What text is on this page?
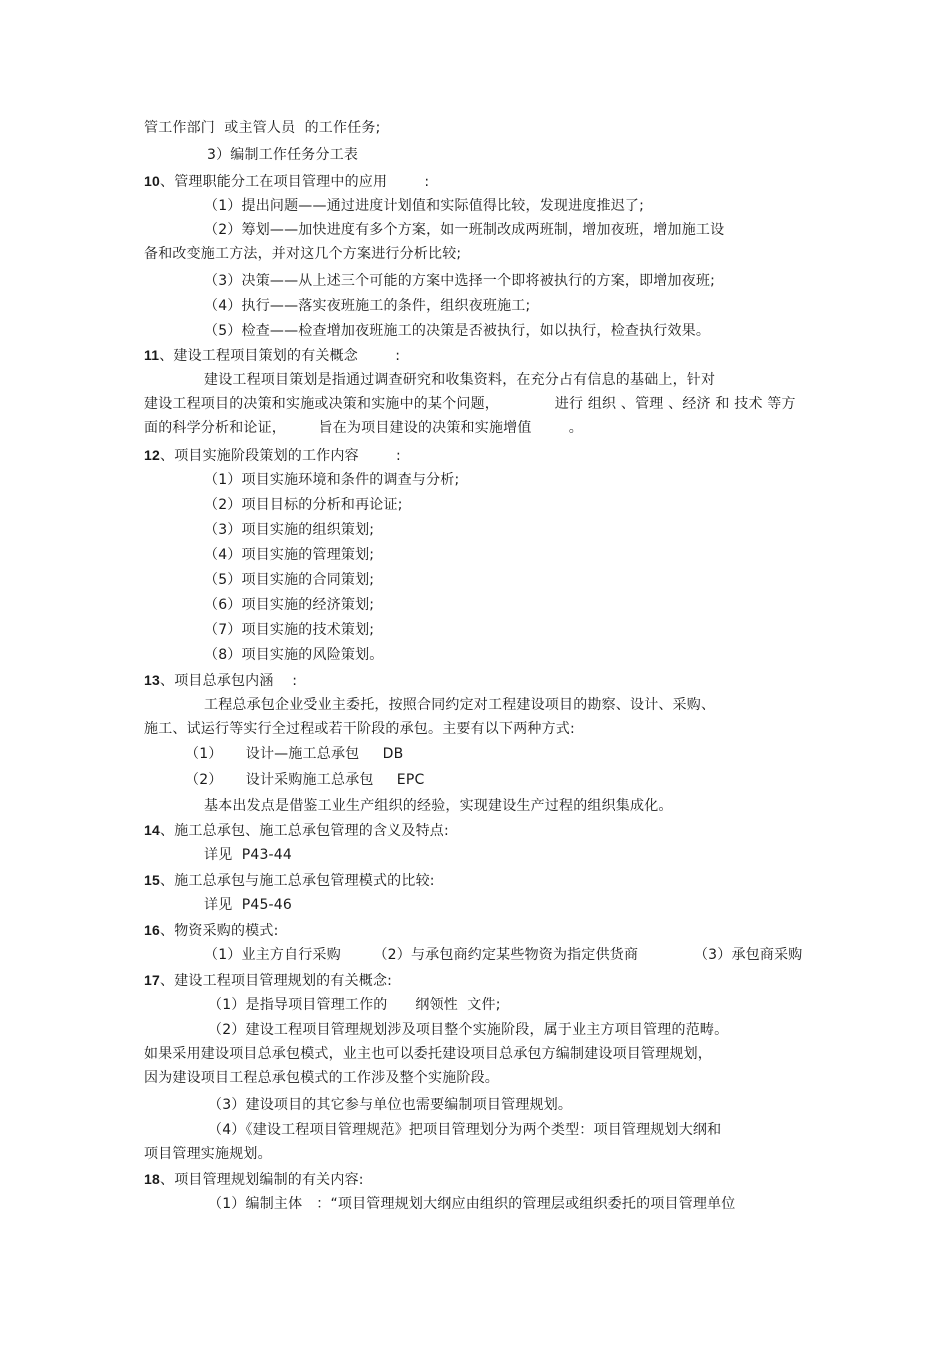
管工作部门  或主管人员  的工作任务;
3）编制工作任务分工表
10、管理职能分工在项目管理中的应用        :
（1）提出问题——通过进度计划值和实际值得比较，发现进度推迟了;
（2）筹划——加快进度有多个方案，如一班制改成两班制，增加夜班，增加施工设
备和改变施工方法，并对这几个方案进行分析比较;
（3）决策——从上述三个可能的方案中选择一个即将被执行的方案，即增加夜班;
（4）执行——落实夜班施工的条件，组织夜班施工;
（5）检查——检查增加夜班施工的决策是否被执行，如以执行，检查执行效果。
11、建设工程项目策划的有关概念        :
建设工程项目策划是指通过调查研究和收集资料，在充分占有信息的基础上，针对
建设工程项目的决策和实施或决策和实施中的某个问题，            进行 组织 、管理 、经济 和 技术 等方
面的科学分析和论证，       旨在为项目建设的决策和实施增值        。
12、项目实施阶段策划的工作内容        :
（1）项目实施环境和条件的调查与分析;
（2）项目目标的分析和再论证;
（3）项目实施的组织策划;
（4）项目实施的管理策划;
（5）项目实施的合同策划;
（6）项目实施的经济策划;
（7）项目实施的技术策划;
（8）项目实施的风险策划。
13、项目总承包内涵    :
工程总承包企业受业主委托，按照合同约定对工程建设项目的勘察、设计、采购、
施工、试运行等实行全过程或若干阶段的承包。主要有以下两种方式:
（1）     设计—施工总承包     DB
（2）     设计采购施工总承包     EPC
基本出发点是借鉴工业生产组织的经验，实现建设生产过程的组织集成化。
14、施工总承包、施工总承包管理的含义及特点:
详见  P43-44
15、施工总承包与施工总承包管理模式的比较:
详见  P45-46
16、物资采购的模式:
（1）业主方自行采购       （2）与承包商约定某些物资为指定供货商            （3）承包商采购
17、建设工程项目管理规划的有关概念:
（1）是指导项目管理工作的      纲领性  文件;
（2）建设工程项目管理规划涉及项目整个实施阶段，属于业主方项目管理的范畴。
如果采用建设项目总承包模式，业主也可以委托建设项目总承包方编制建设项目管理规划，
因为建设项目工程总承包模式的工作涉及整个实施阶段。
（3）建设项目的其它参与单位也需要编制项目管理规划。
（4）《建设工程项目管理规范》把项目管理划分为两个类型：项目管理规划大纲和
项目管理实施规划。
18、项目管理规划编制的有关内容:
（1）编制主体   ：“项目管理规划大纲应由组织的管理层或组织委托的项目管理单位
